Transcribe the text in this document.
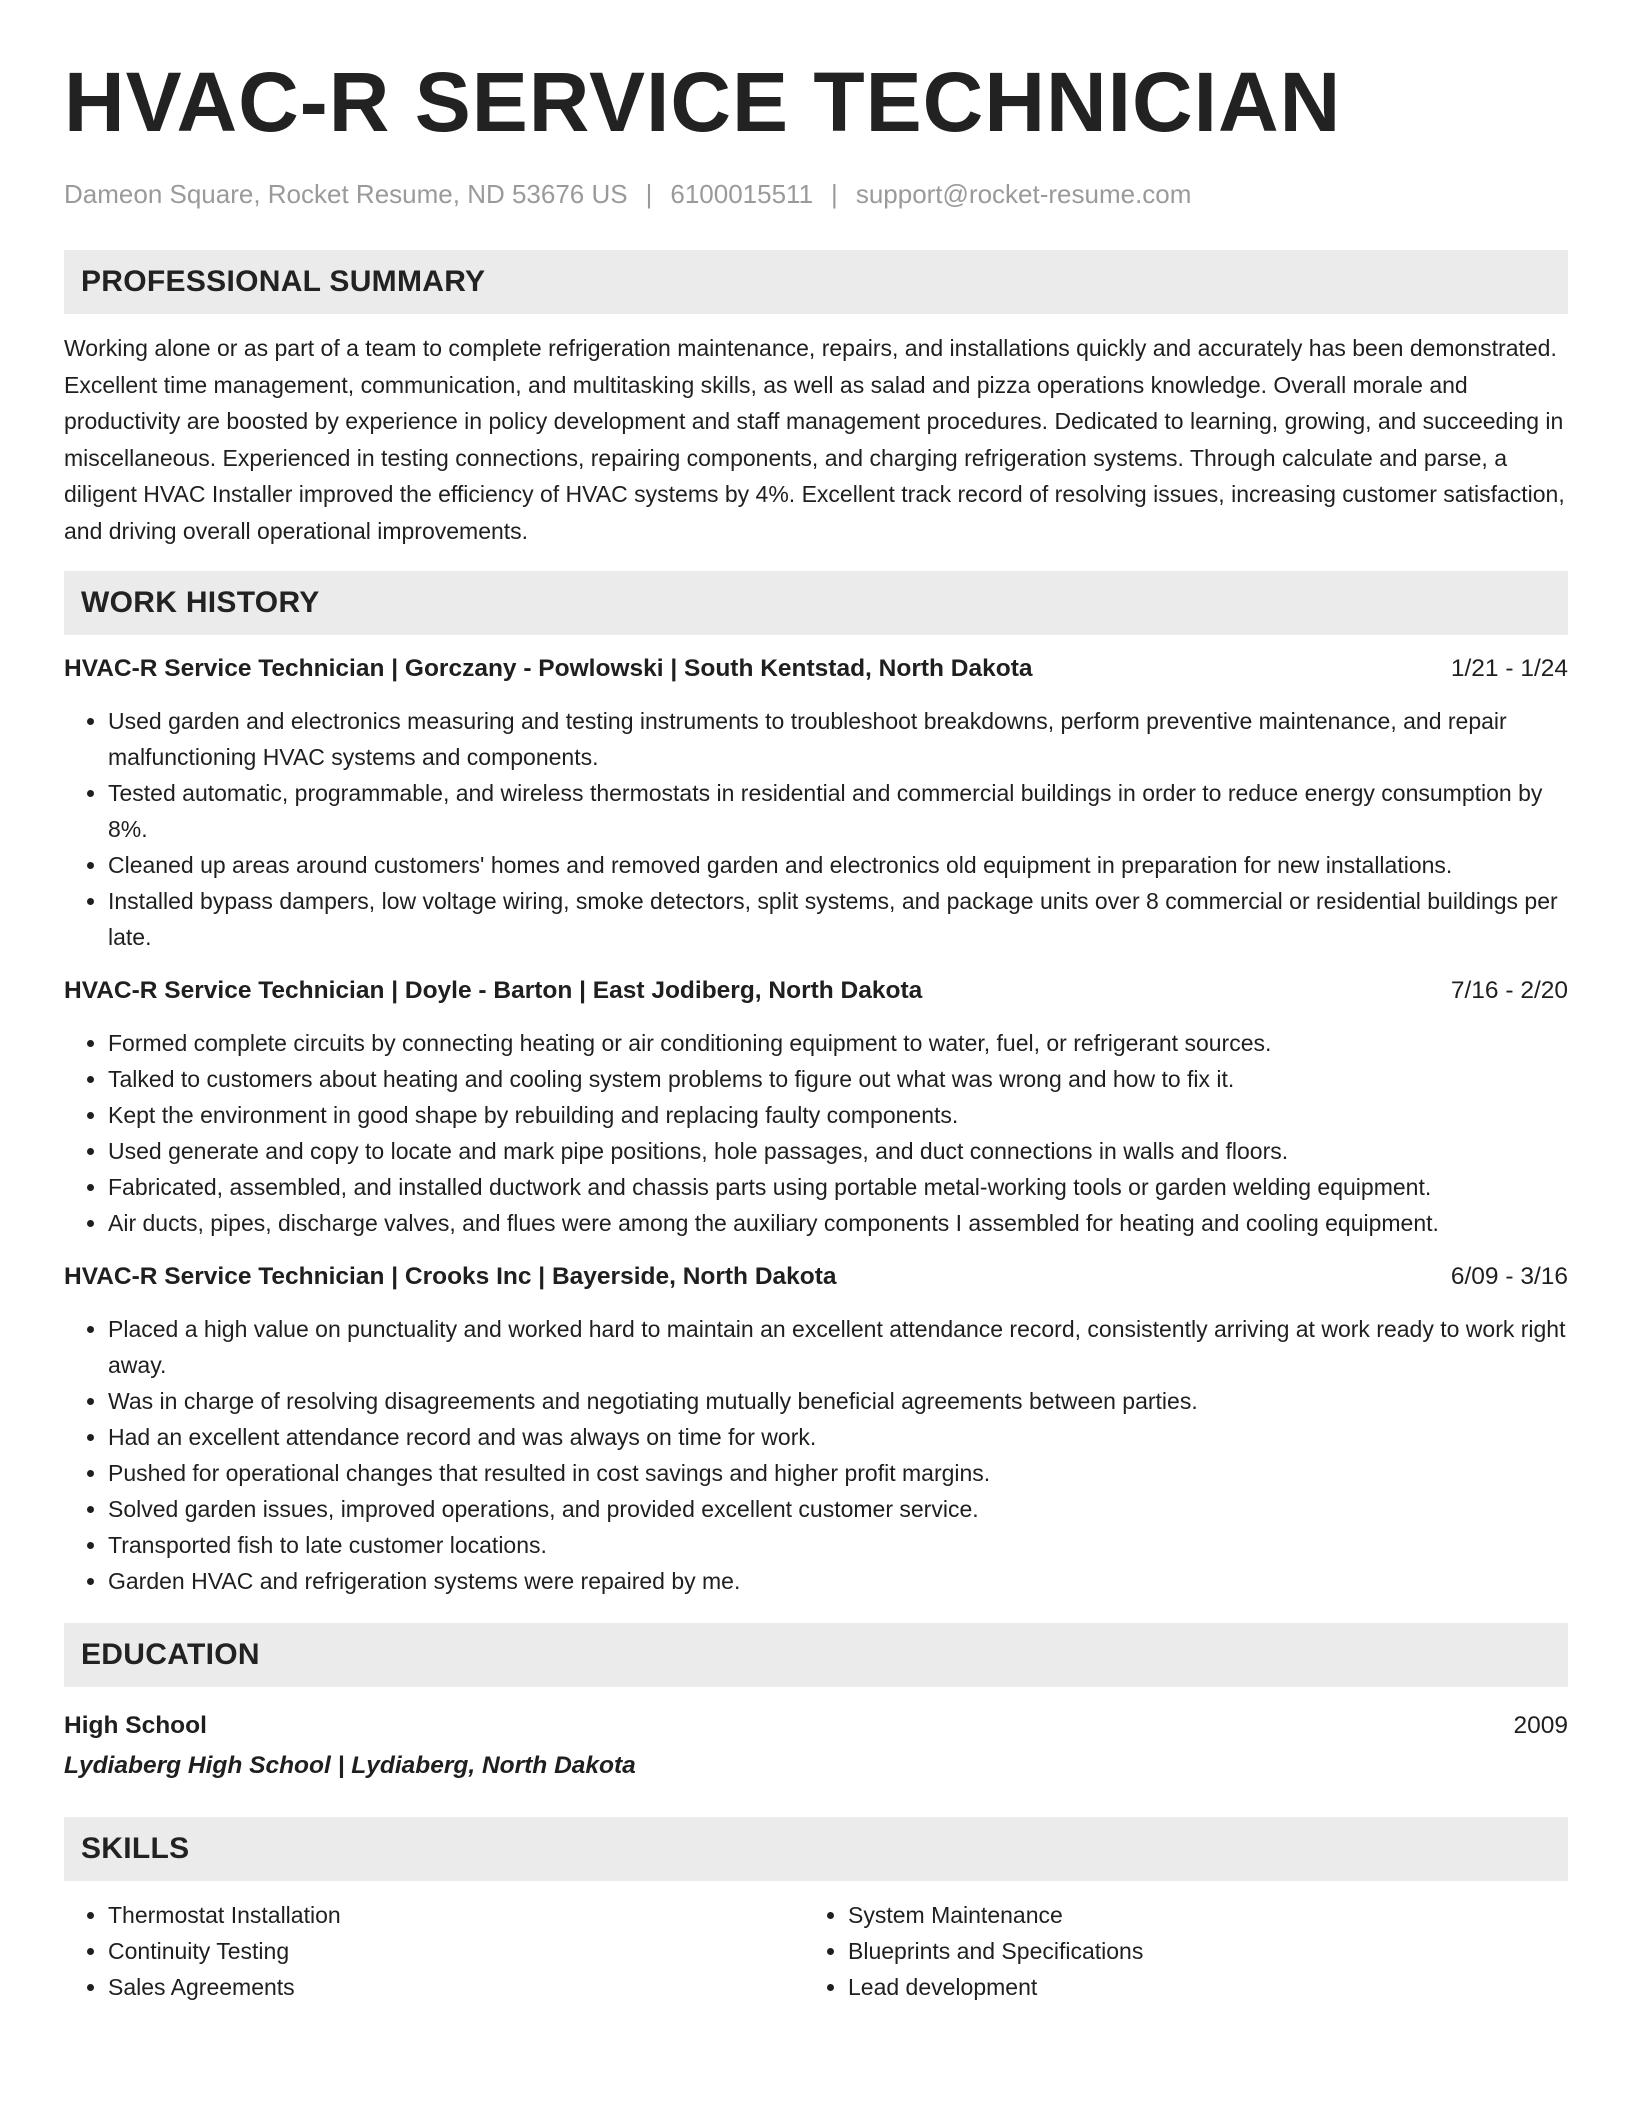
HVAC-R SERVICE TECHNICIAN
Dameon Square, Rocket Resume, ND 53676 US | 6100015511 | support@rocket-resume.com
PROFESSIONAL SUMMARY

Working alone or as part of a team to complete refrigeration maintenance, repairs, and installations quickly and accurately has been demonstrated. Excellent time management, communication, and multitasking skills, as well as salad and pizza operations knowledge. Overall morale and productivity are boosted by experience in policy development and staff management procedures. Dedicated to learning, growing, and succeeding in miscellaneous. Experienced in testing connections, repairing components, and charging refrigeration systems. Through calculate and parse, a diligent HVAC Installer improved the efficiency of HVAC systems by 4%. Excellent track record of resolving issues, increasing customer satisfaction, and driving overall operational improvements.

WORK HISTORY
HVAC-R Service Technician | Gorczany - Powlowski | South Kentstad, North Dakota	1/21 - 1/24
• Used garden and electronics measuring and testing instruments to troubleshoot breakdowns, perform preventive maintenance, and repair malfunctioning HVAC systems and components.
• Tested automatic, programmable, and wireless thermostats in residential and commercial buildings in order to reduce energy consumption by 8%.
• Cleaned up areas around customers' homes and removed garden and electronics old equipment in preparation for new installations.
• Installed bypass dampers, low voltage wiring, smoke detectors, split systems, and package units over 8 commercial or residential buildings per late.
HVAC-R Service Technician | Doyle - Barton | East Jodiberg, North Dakota	7/16 - 2/20
• Formed complete circuits by connecting heating or air conditioning equipment to water, fuel, or refrigerant sources.
• Talked to customers about heating and cooling system problems to figure out what was wrong and how to fix it.
• Kept the environment in good shape by rebuilding and replacing faulty components.
• Used generate and copy to locate and mark pipe positions, hole passages, and duct connections in walls and floors.
• Fabricated, assembled, and installed ductwork and chassis parts using portable metal-working tools or garden welding equipment.
• Air ducts, pipes, discharge valves, and flues were among the auxiliary components I assembled for heating and cooling equipment.
HVAC-R Service Technician | Crooks Inc | Bayerside, North Dakota	6/09 - 3/16
• Placed a high value on punctuality and worked hard to maintain an excellent attendance record, consistently arriving at work ready to work right away.
• Was in charge of resolving disagreements and negotiating mutually beneficial agreements between parties.
• Had an excellent attendance record and was always on time for work.
• Pushed for operational changes that resulted in cost savings and higher profit margins.
• Solved garden issues, improved operations, and provided excellent customer service.
• Transported fish to late customer locations.
• Garden HVAC and refrigeration systems were repaired by me.
EDUCATION
High School	2009
Lydiaberg High School | Lydiaberg, North Dakota
SKILLS
• Thermostat Installation
• Continuity Testing
• Sales Agreements
• System Maintenance
• Blueprints and Specifications
• Lead development
